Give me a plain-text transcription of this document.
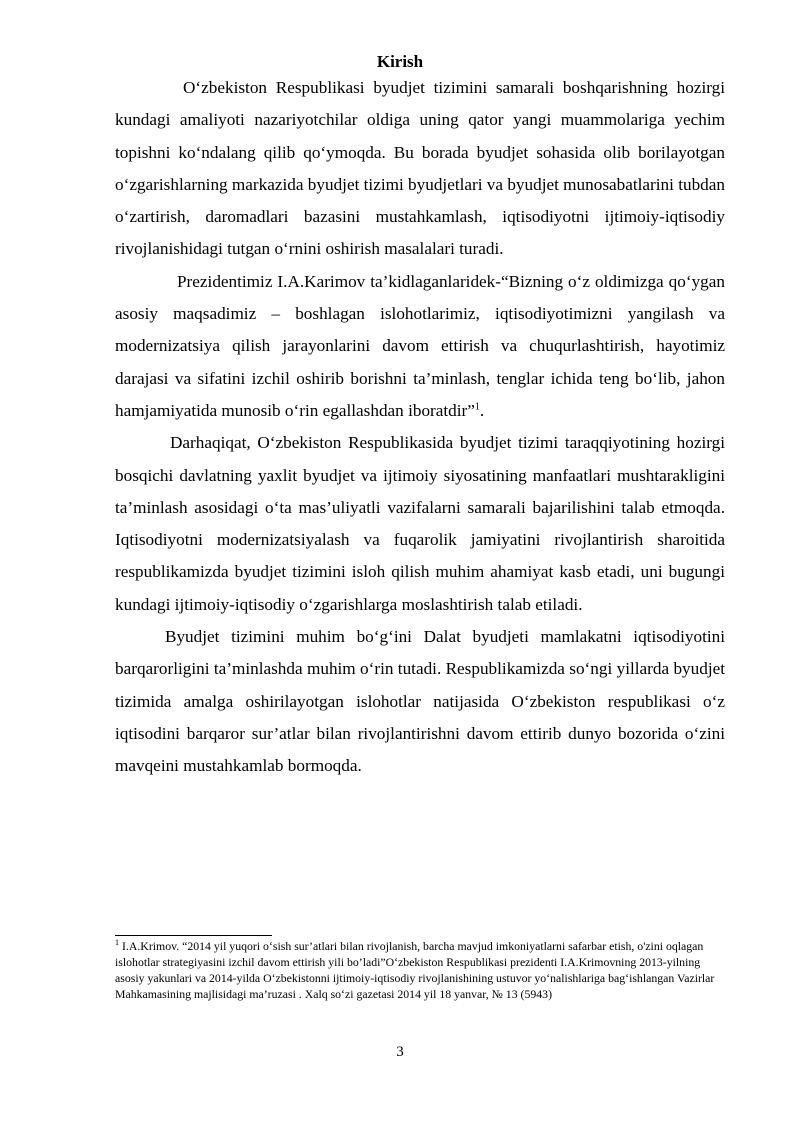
Kirish

O‘zbekiston Respublikasi byudjet tizimini samarali boshqarishning hozirgi kundagi amaliyoti nazariyotchilar oldiga uning qator yangi muammolariga yechim topishni ko‘ndalang qilib qo‘ymoqda. Bu borada byudjet sohasida olib borilayotgan o‘zgarishlarning markazida byudjet tizimi byudjetlari va byudjet munosabatlarini tubdan o‘zartirish, daromadlari bazasini mustahkamlash, iqtisodiyotni ijtimoiy-iqtisodiy rivojlanishidagi tutgan o‘rnini oshirish masalalari turadi.

Prezidentimiz I.A.Karimov ta’kidlaganlaridek-“Bizning o‘z oldimizga qo‘ygan asosiy maqsadimiz – boshlagan islohotlarimiz, iqtisodiyotimizni yangilash va modernizatsiya qilish jarayonlarini davom ettirish va chuqurlashtirish, hayotimiz darajasi va sifatini izchil oshirib borishni ta’minlash, tenglar ichida teng bo‘lib, jahon hamjamiyatida munosib o‘rin egallashdan iboratdir”$^1$.

Darhaqiqat, O‘zbekiston Respublikasida byudjet tizimi taraqqiyotining hozirgi bosqichi davlatning yaxlit byudjet va ijtimoiy siyosatining manfaatlari mushtarakligini ta’minlash asosidagi o‘ta mas’uliyatli vazifalarni samarali bajarilishini talab etmoqda. Iqtisodiyotni modernizatsiyalash va fuqarolik jamiyatini rivojlantirish sharoitida respublikamizda byudjet tizimini isloh qilish muhim ahamiyat kasb etadi, uni bugungi kundagi ijtimoiy-iqtisodiy o‘zgarishlarga moslashtirish talab etiladi.

Byudjet tizimini muhim bo‘g‘ini Dalat byudjeti mamlakatni iqtisodiyotini barqarorligini ta’minlashda muhim o‘rin tutadi. Respublikamizda so‘ngi yillarda byudjet tizimida amalga oshirilayotgan islohotlar natijasida O‘zbekiston respublikasi o‘z iqtisodini barqaror sur’atlar bilan rivojlantirishni davom ettirib dunyo bozorida o‘zini mavqeini mustahkamlab bormoqda.

$^1$ I.A.Krimov. “2014 yil yuqori o‘sish sur’atlari bilan rivojlanish, barcha mavjud imkoniyatlarni safarbar etish, o'zini oqlagan islohotlar strategiyasini izchil davom ettirish yili bo’ladi”O‘zbekiston Respublikasi prezidenti I.A.Krimovning 2013-yilning asosiy yakunlari va 2014-yilda O‘zbekistonni ijtimoiy-iqtisodiy rivojlanishining ustuvor yo‘nalishlariga bag‘ishlangan Vazirlar Mahkamasining majlisidagi ma’ruzasi . Xalq so‘zi gazetasi 2014 yil 18 yanvar, № 13 (5943)

3
